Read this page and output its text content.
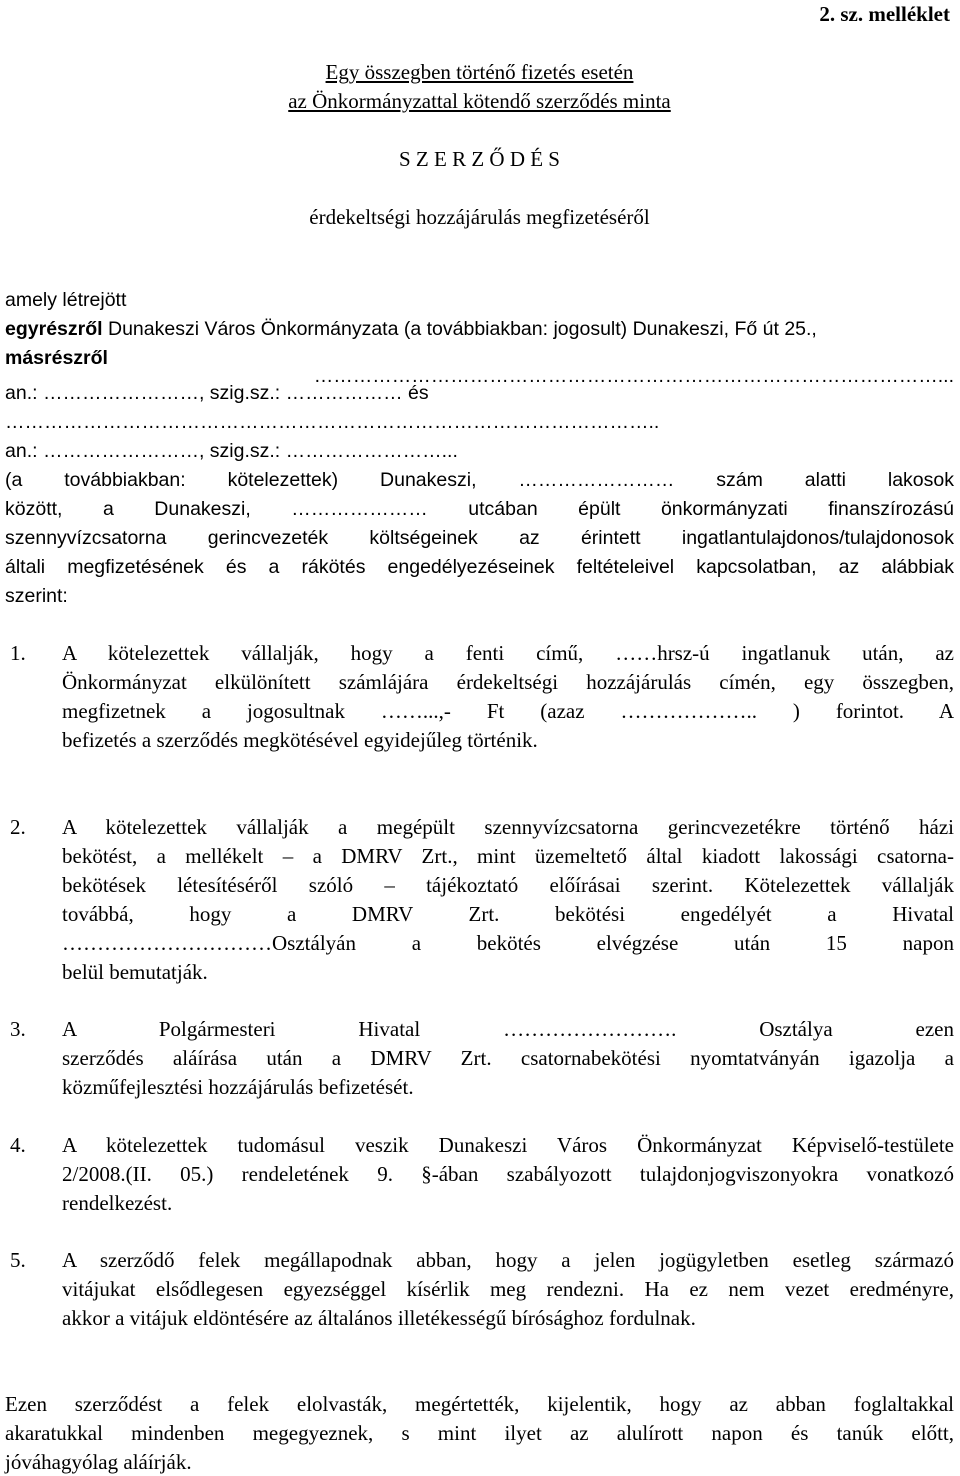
2. sz. melléklet
Egy összegben történő fizetés esetén
az Önkormányzattal kötendő szerződés minta
S Z E R Z Ő D É S
érdekeltségi hozzájárulás megfizetéséről
amely létrejött
egyrészről Dunakeszi Város Önkormányzata (a továbbiakban: jogosult) Dunakeszi, Fő út 25.,
másrészről
……………………………………………………………………………………...
an.: ……………………, szig.sz.: ……………… és
………………………………………………………………………………………..
an.: ……………………, szig.sz.: ……………………...
(a továbbiakban: kötelezettek) Dunakeszi, …………………… szám alatti lakosok
között, a Dunakeszi, ………………… utcában épült önkormányzati finanszírozású
szennyvízcsatorna gerincvezeték költségeinek az érintett ingatlantulajdonos/tulajdonosok
általi megfizetésének és a rákötés engedélyezéseinek feltételeivel kapcsolatban, az alábbiak
szerint:
1.	A kötelezettek vállalják, hogy a fenti című, ……hrsz-ú ingatlanuk után, az
Önkormányzat elkülönített számlájára érdekeltségi hozzájárulás címén, egy összegben,
megfizetnek a jogosultnak ……...,- Ft (azaz ……………….. ) forintot. A
befizetés a szerződés megkötésével egyidejűleg történik.
2.	A kötelezettek vállalják a megépült szennyvízcsatorna gerincvezetékre történő házi
bekötést, a mellékelt – a DMRV Zrt., mint üzemeltető által kiadott lakossági csatorna-
bekötések létesítéséről szóló – tájékoztató előírásai szerint. Kötelezettek vállalják
továbbá, hogy a DMRV Zrt. bekötési engedélyét a Hivatal
…………………………Osztályán a bekötés elvégzése után 15 napon
belül bemutatják.
3.	A Polgármesteri Hivatal ……………………. Osztálya ezen
szerződés aláírása után a DMRV Zrt. csatornabekötési nyomtatványán igazolja a
közműfejlesztési hozzájárulás befizetését.
4.	A kötelezettek tudomásul veszik Dunakeszi Város Önkormányzat Képviselő-testülete
2/2008.(II. 05.) rendeletének 9. §-ában szabályozott tulajdonjogviszonyokra vonatkozó
rendelkezést.
5.	A szerződő felek megállapodnak abban, hogy a jelen jogügyletben esetleg származó
vitájukat elsődlegesen egyezséggel kísérlik meg rendezni. Ha ez nem vezet eredményre,
akkor a vitájuk eldöntésére az általános illetékességű bírósághoz fordulnak.
Ezen szerződést a felek elolvasták, megértették, kijelentik, hogy az abban foglaltakkal
akaratukkal mindenben megegyeznek, s mint ilyet az alulírott napon és tanúk előtt,
jóváhagyólag aláírják.
